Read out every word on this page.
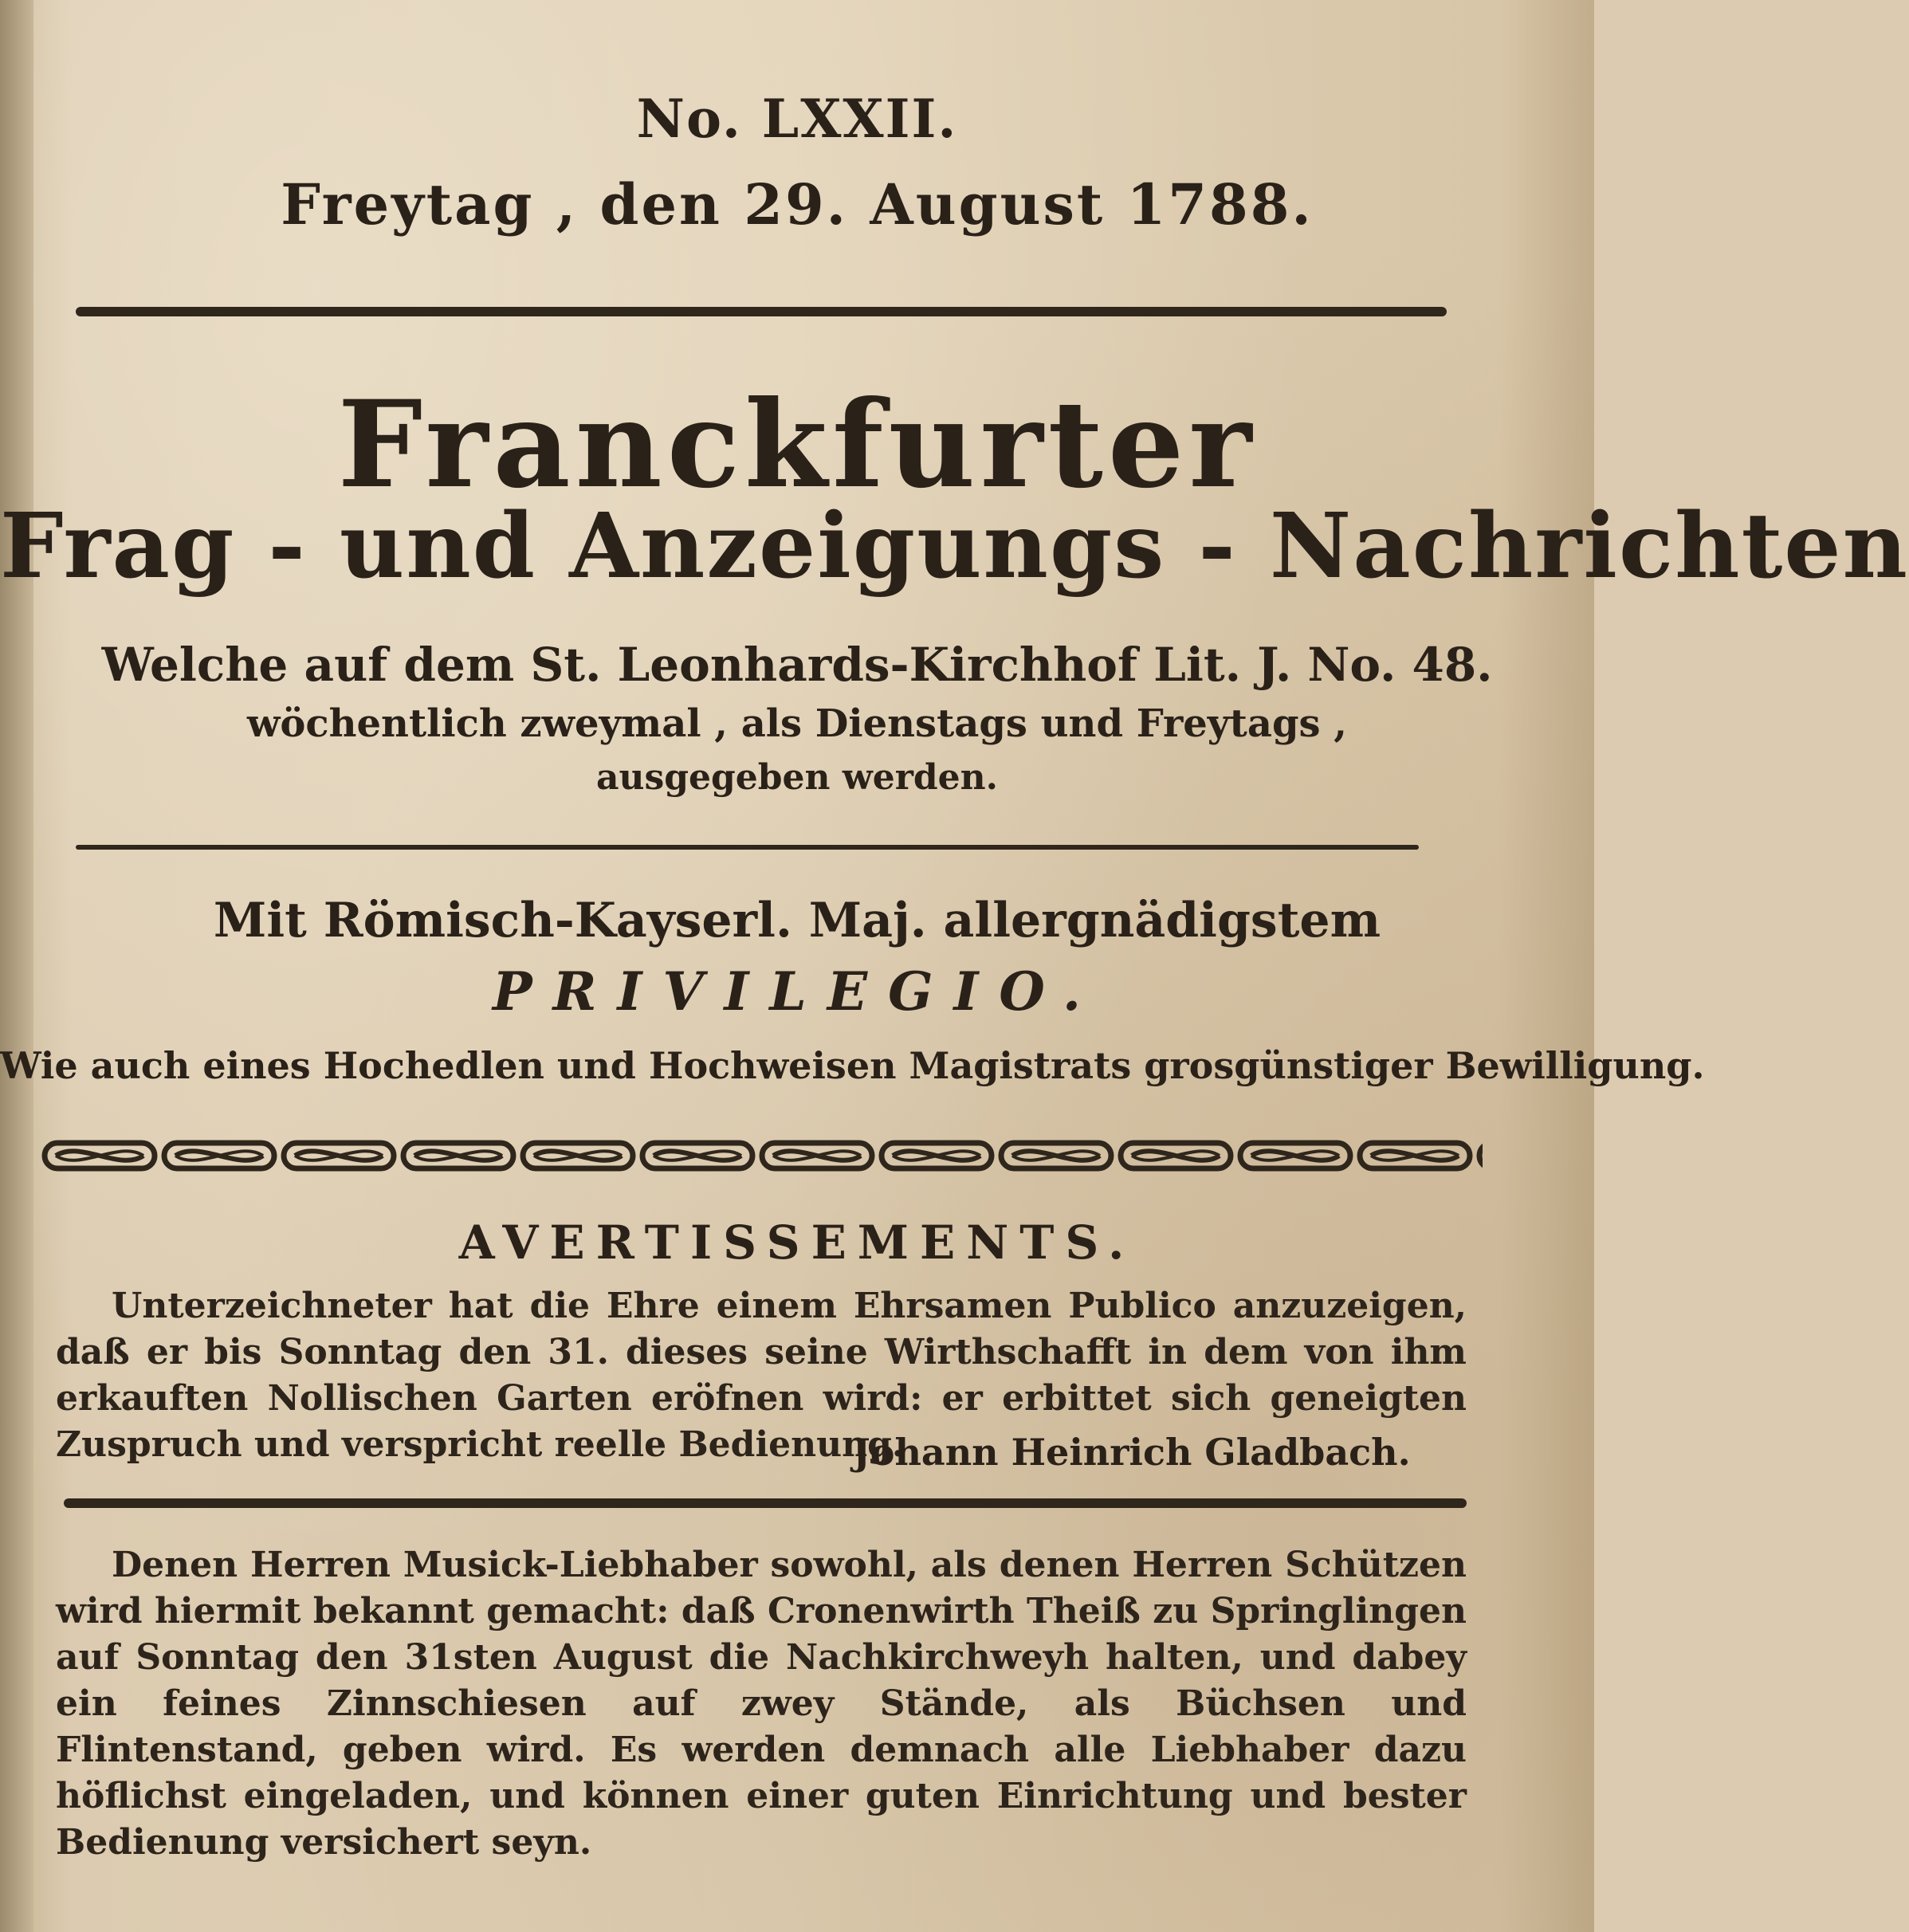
No. LXXII.
Freytag , den 29. August 1788.
Franckfurter
Frag - und Anzeigungs - Nachrichten
Welche auf dem St. Leonhards-Kirchhof Lit. J. No. 48.
wöchentlich zweymal , als Dienstags und Freytags ,
ausgegeben werden.
Mit Römisch-Kayserl. Maj. allergnädigstem
PRIVILEGIO.
Wie auch eines Hochedlen und Hochweisen Magistrats grosgünstiger Bewilligung.
AVERTISSEMENTS.
Unterzeichneter hat die Ehre einem Ehrsamen Publico anzuzeigen, daß er bis Sonntag den 31. dieses seine Wirthschafft in dem von ihm erkauften Nollischen Garten eröfnen wird: er erbittet sich geneigten Zuspruch und verspricht reelle Bedienung.
Johann Heinrich Gladbach.
Denen Herren Musick-Liebhaber sowohl, als denen Herren Schützen wird hiermit bekannt gemacht: daß Cronenwirth Theiß zu Springlingen auf Sonntag den 31sten August die Nachkirchweyh halten, und dabey ein feines Zinnschiesen auf zwey Stände, als Büchsen und Flintenstand, geben wird. Es werden demnach alle Liebhaber dazu höflichst eingeladen, und können einer guten Einrichtung und bester Bedienung versichert seyn.
